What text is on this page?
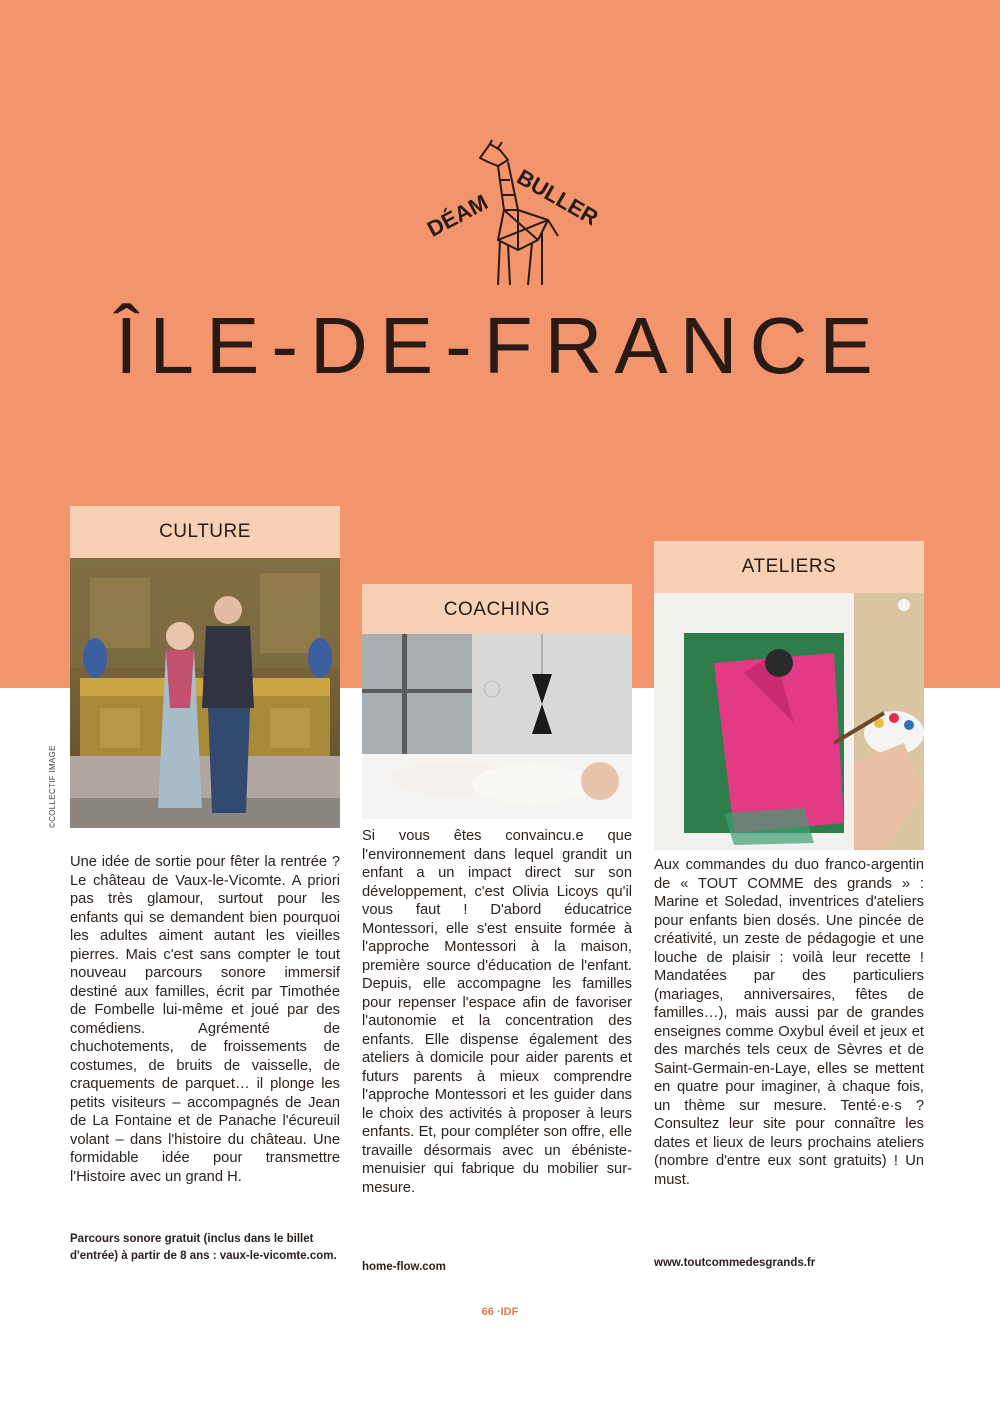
DÉAM BULLER
ÎLE-DE-FRANCE
CULTURE
©COLLECTIF IMAGE
Une idée de sortie pour fêter la rentrée ? Le château de Vaux-le-Vicomte. A priori pas très glamour, surtout pour les enfants qui se demandent bien pourquoi les adultes aiment autant les vieilles pierres. Mais c'est sans compter le tout nouveau parcours sonore immersif destiné aux familles, écrit par Timothée de Fombelle lui-même et joué par des comédiens. Agrémenté de chuchotements, de froissements de costumes, de bruits de vaisselle, de craquements de parquet… il plonge les petits visiteurs – accompagnés de Jean de La Fontaine et de Panache l'écureuil volant – dans l'histoire du château. Une formidable idée pour transmettre l'Histoire avec un grand H.
Parcours sonore gratuit (inclus dans le billet d'entrée) à partir de 8 ans : vaux-le-vicomte.com.
COACHING
Si vous êtes convaincu.e que l'environnement dans lequel grandit un enfant a un impact direct sur son développement, c'est Olivia Licoys qu'il vous faut ! D'abord éducatrice Montessori, elle s'est ensuite formée à l'approche Montessori à la maison, première source d'éducation de l'enfant. Depuis, elle accompagne les familles pour repenser l'espace afin de favoriser l'autonomie et la concentration des enfants. Elle dispense également des ateliers à domicile pour aider parents et futurs parents à mieux comprendre l'approche Montessori et les guider dans le choix des activités à proposer à leurs enfants. Et, pour compléter son offre, elle travaille désormais avec un ébéniste-menuisier qui fabrique du mobilier sur-mesure.
home-flow.com
ATELIERS
Aux commandes du duo franco-argentin de « TOUT COMME des grands » : Marine et Soledad, inventrices d'ateliers pour enfants bien dosés. Une pincée de créativité, un zeste de pédagogie et une louche de plaisir : voilà leur recette ! Mandatées par des particuliers (mariages, anniversaires, fêtes de familles…), mais aussi par de grandes enseignes comme Oxybul éveil et jeux et des marchés tels ceux de Sèvres et de Saint-Germain-en-Laye, elles se mettent en quatre pour imaginer, à chaque fois, un thème sur mesure. Tenté·e·s ? Consultez leur site pour connaître les dates et lieux de leurs prochains ateliers (nombre d'entre eux sont gratuits) ! Un must.
www.toutcommedesgrands.fr
66 ·IDF
